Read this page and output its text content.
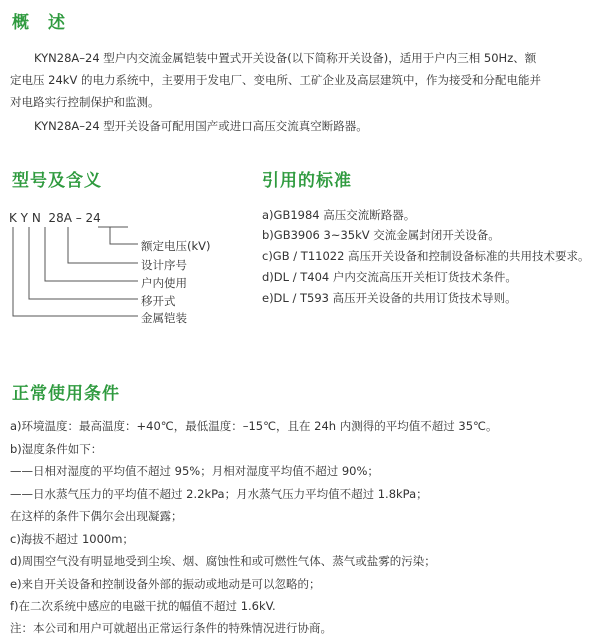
概　述
KYN28A–24 型户内交流金属铠装中置式开关设备(以下简称开关设备)，适用于户内三相 50Hz、额
定电压 24kV 的电力系统中，主要用于发电厂、变电所、工矿企业及高层建筑中，作为接受和分配电能并
对电路实行控制保护和监测。
KYN28A–24 型开关设备可配用国产或进口高压交流真空断路器。
型号及含义	引用的标准
K Y N  28A – 24
额定电压(kV)
设计序号
户内使用
移开式
金属铠装
a)GB1984 高压交流断路器。
b)GB3906 3~35kV 交流金属封闭开关设备。
c)GB / T11022 高压开关设备和控制设备标准的共用技术要求。
d)DL / T404 户内交流高压开关柜订货技术条件。
e)DL / T593 高压开关设备的共用订货技术导则。
正常使用条件
a)环境温度：最高温度：+40℃，最低温度：–15℃，且在 24h 内测得的平均值不超过 35℃。
b)湿度条件如下：
——日相对湿度的平均值不超过 95%；月相对湿度平均值不超过 90%；
——日水蒸气压力的平均值不超过 2.2kPa；月水蒸气压力平均值不超过 1.8kPa；
在这样的条件下偶尔会出现凝露；
c)海拔不超过 1000m；
d)周围空气没有明显地受到尘埃、烟、腐蚀性和或可燃性气体、蒸气或盐雾的污染；
e)来自开关设备和控制设备外部的振动或地动是可以忽略的；
f)在二次系统中感应的电磁干扰的幅值不超过 1.6kV.
注：本公司和用户可就超出正常运行条件的特殊情况进行协商。
